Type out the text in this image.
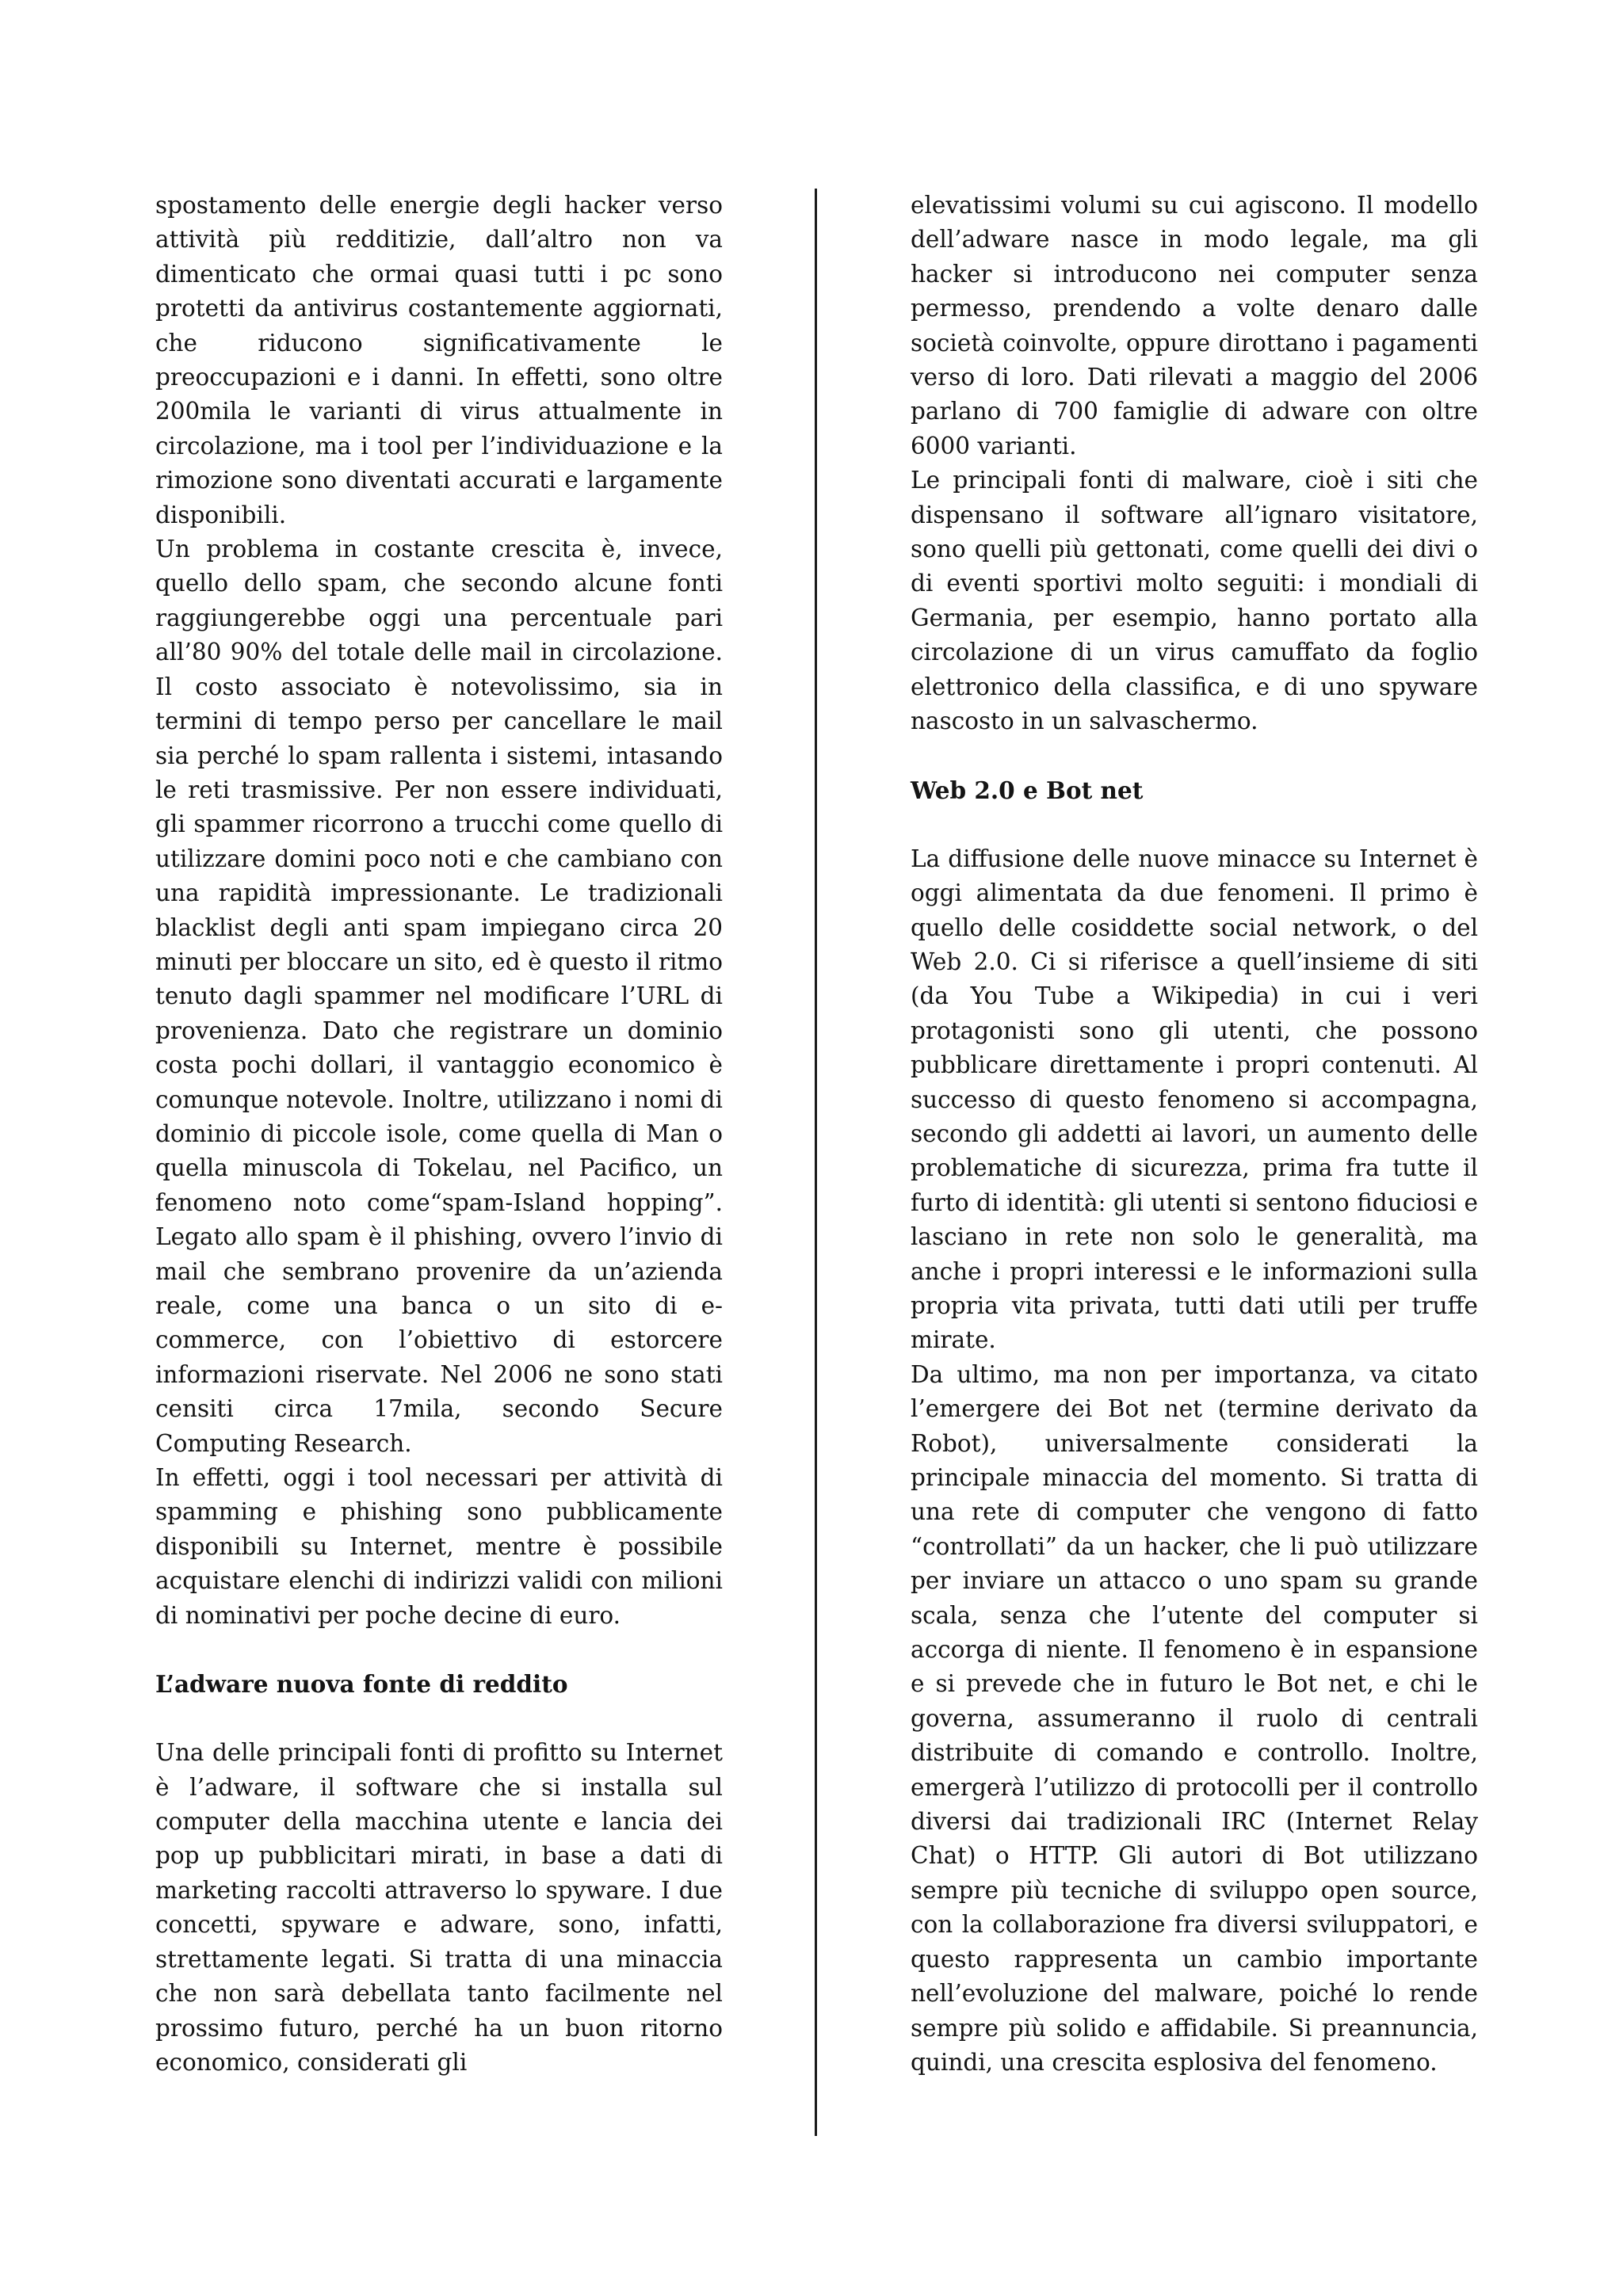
spostamento delle energie degli hacker verso attività più redditizie, dall’altro non va dimenticato che ormai quasi tutti i pc sono protetti da antivirus costantemente aggiornati, che riducono significativamente le preoccupazioni e i danni. In effetti, sono oltre 200mila le varianti di virus attualmente in circolazione, ma i tool per l’individuazione e la rimozione sono diventati accurati e largamente disponibili.

Un problema in costante crescita è, invece, quello dello spam, che secondo alcune fonti raggiungerebbe oggi una percentuale pari all’80 90% del totale delle mail in circolazione. Il costo associato è notevolissimo, sia in termini di tempo perso per cancellare le mail sia perché lo spam rallenta i sistemi, intasando le reti trasmissive. Per non essere individuati, gli spammer ricorrono a trucchi come quello di utilizzare domini poco noti e che cambiano con una rapidità impressionante. Le tradizionali blacklist degli anti spam impiegano circa 20 minuti per bloccare un sito, ed è questo il ritmo tenuto dagli spammer nel modificare l’URL di provenienza. Dato che registrare un dominio costa pochi dollari, il vantaggio economico è comunque notevole. Inoltre, utilizzano i nomi di dominio di piccole isole, come quella di Man o quella minuscola di Tokelau, nel Pacifico, un fenomeno noto come“spam-Island hopping”. Legato allo spam è il phishing, ovvero l’invio di mail che sembrano provenire da un’azienda reale, come una banca o un sito di e-commerce, con l’obiettivo di estorcere informazioni riservate. Nel 2006 ne sono stati censiti circa 17mila, secondo Secure Computing Research.

In effetti, oggi i tool necessari per attività di spamming e phishing sono pubblicamente disponibili su Internet, mentre è possibile acquistare elenchi di indirizzi validi con milioni di nominativi per poche decine di euro.

L’adware nuova fonte di reddito

Una delle principali fonti di profitto su Internet è l’adware, il software che si installa sul computer della macchina utente e lancia dei pop up pubblicitari mirati, in base a dati di marketing raccolti attraverso lo spyware. I due concetti, spyware e adware, sono, infatti, strettamente legati. Si tratta di una minaccia che non sarà debellata tanto facilmente nel prossimo futuro, perché ha un buon ritorno economico, considerati gli

elevatissimi volumi su cui agiscono. Il modello dell’adware nasce in modo legale, ma gli hacker si introducono nei computer senza permesso, prendendo a volte denaro dalle società coinvolte, oppure dirottano i pagamenti verso di loro. Dati rilevati a maggio del 2006 parlano di 700 famiglie di adware con oltre 6000 varianti.

Le principali fonti di malware, cioè i siti che dispensano il software all’ignaro visitatore, sono quelli più gettonati, come quelli dei divi o di eventi sportivi molto seguiti: i mondiali di Germania, per esempio, hanno portato alla circolazione di un virus camuffato da foglio elettronico della classifica, e di uno spyware nascosto in un salvaschermo.

Web 2.0 e Bot net

La diffusione delle nuove minacce su Internet è oggi alimentata da due fenomeni. Il primo è quello delle cosiddette social network, o del Web 2.0. Ci si riferisce a quell’insieme di siti (da You Tube a Wikipedia) in cui i veri protagonisti sono gli utenti, che possono pubblicare direttamente i propri contenuti. Al successo di questo fenomeno si accompagna, secondo gli addetti ai lavori, un aumento delle problematiche di sicurezza, prima fra tutte il furto di identità: gli utenti si sentono fiduciosi e lasciano in rete non solo le generalità, ma anche i propri interessi e le informazioni sulla propria vita privata, tutti dati utili per truffe mirate.

Da ultimo, ma non per importanza, va citato l’emergere dei Bot net (termine derivato da Robot), universalmente considerati la principale minaccia del momento. Si tratta di una rete di computer che vengono di fatto “controllati” da un hacker, che li può utilizzare per inviare un attacco o uno spam su grande scala, senza che l’utente del computer si accorga di niente. Il fenomeno è in espansione e si prevede che in futuro le Bot net, e chi le governa, assumeranno il ruolo di centrali distribuite di comando e controllo. Inoltre, emergerà l’utilizzo di protocolli per il controllo diversi dai tradizionali IRC (Internet Relay Chat) o HTTP. Gli autori di Bot utilizzano sempre più tecniche di sviluppo open source, con la collaborazione fra diversi sviluppatori, e questo rappresenta un cambio importante nell’evoluzione del malware, poiché lo rende sempre più solido e affidabile. Si preannuncia, quindi, una crescita esplosiva del fenomeno.
